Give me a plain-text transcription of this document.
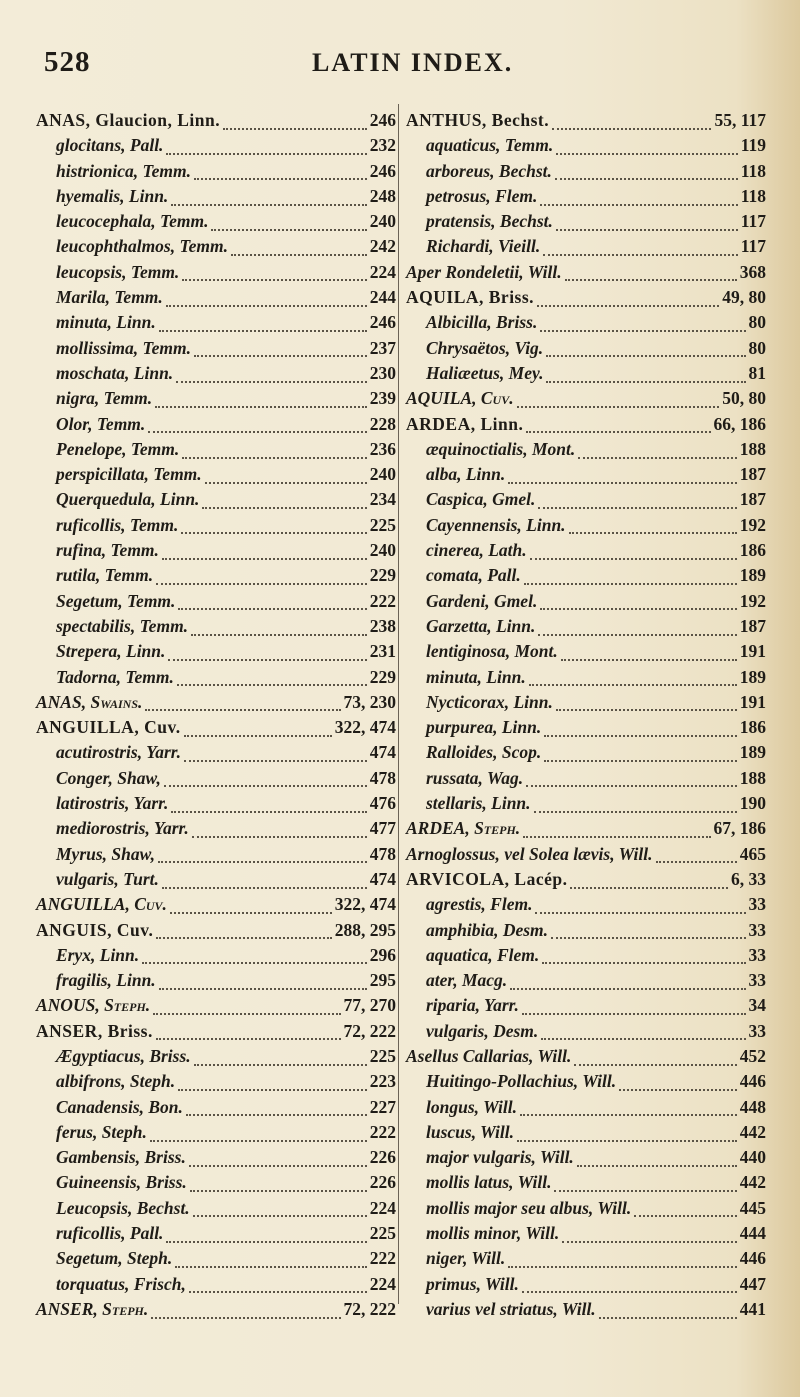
528	LATIN INDEX.
ANAS, Glaucion, Linn.	246
glocitans, Pall.	232
histrionica, Temm.	246
hyemalis, Linn.	248
leucocephala, Temm.	240
leucophthalmos, Temm.	242
leucopsis, Temm.	224
Marila, Temm.	244
minuta, Linn.	246
mollissima, Temm.	237
moschata, Linn.	230
nigra, Temm.	239
Olor, Temm.	228
Penelope, Temm.	236
perspicillata, Temm.	240
Querquedula, Linn.	234
ruficollis, Temm.	225
rufina, Temm.	240
rutila, Temm.	229
Segetum, Temm.	222
spectabilis, Temm.	238
Strepera, Linn.	231
Tadorna, Temm.	229
ANAS, Swains.	73, 230
ANGUILLA, Cuv.	322, 474
acutirostris, Yarr.	474
Conger, Shaw,	478
latirostris, Yarr.	476
mediorostris, Yarr.	477
Myrus, Shaw,	478
vulgaris, Turt.	474
ANGUILLA, Cuv.	322, 474
ANGUIS, Cuv.	288, 295
Eryx, Linn.	296
fragilis, Linn.	295
ANOUS, Steph.	77, 270
ANSER, Briss.	72, 222
Ægyptiacus, Briss.	225
albifrons, Steph.	223
Canadensis, Bon.	227
ferus, Steph.	222
Gambensis, Briss.	226
Guineensis, Briss.	226
Leucopsis, Bechst.	224
ruficollis, Pall.	225
Segetum, Steph.	222
torquatus, Frisch,	224
ANSER, Steph.	72, 222
ANTHUS, Bechst.	55, 117
aquaticus, Temm.	119
arboreus, Bechst.	118
petrosus, Flem.	118
pratensis, Bechst.	117
Richardi, Vieill.	117
Aper Rondeletii, Will.	368
AQUILA, Briss.	49, 80
Albicilla, Briss.	80
Chrysaëtos, Vig.	80
Haliæetus, Mey.	81
AQUILA, Cuv.	50, 80
ARDEA, Linn.	66, 186
æquinoctialis, Mont.	188
alba, Linn.	187
Caspica, Gmel.	187
Cayennensis, Linn.	192
cinerea, Lath.	186
comata, Pall.	189
Gardeni, Gmel.	192
Garzetta, Linn.	187
lentiginosa, Mont.	191
minuta, Linn.	189
Nycticorax, Linn.	191
purpurea, Linn.	186
Ralloides, Scop.	189
russata, Wag.	188
stellaris, Linn.	190
ARDEA, Steph.	67, 186
Arnoglossus, vel Solea lævis, Will.	465
ARVICOLA, Lacép.	6, 33
agrestis, Flem.	33
amphibia, Desm.	33
aquatica, Flem.	33
ater, Macg.	33
riparia, Yarr.	34
vulgaris, Desm.	33
Asellus Callarias, Will.	452
Huitingo-Pollachius, Will.	446
longus, Will.	448
luscus, Will.	442
major vulgaris, Will.	440
mollis latus, Will.	442
mollis major seu albus, Will.	445
mollis minor, Will.	444
niger, Will.	446
primus, Will.	447
varius vel striatus, Will.	441
